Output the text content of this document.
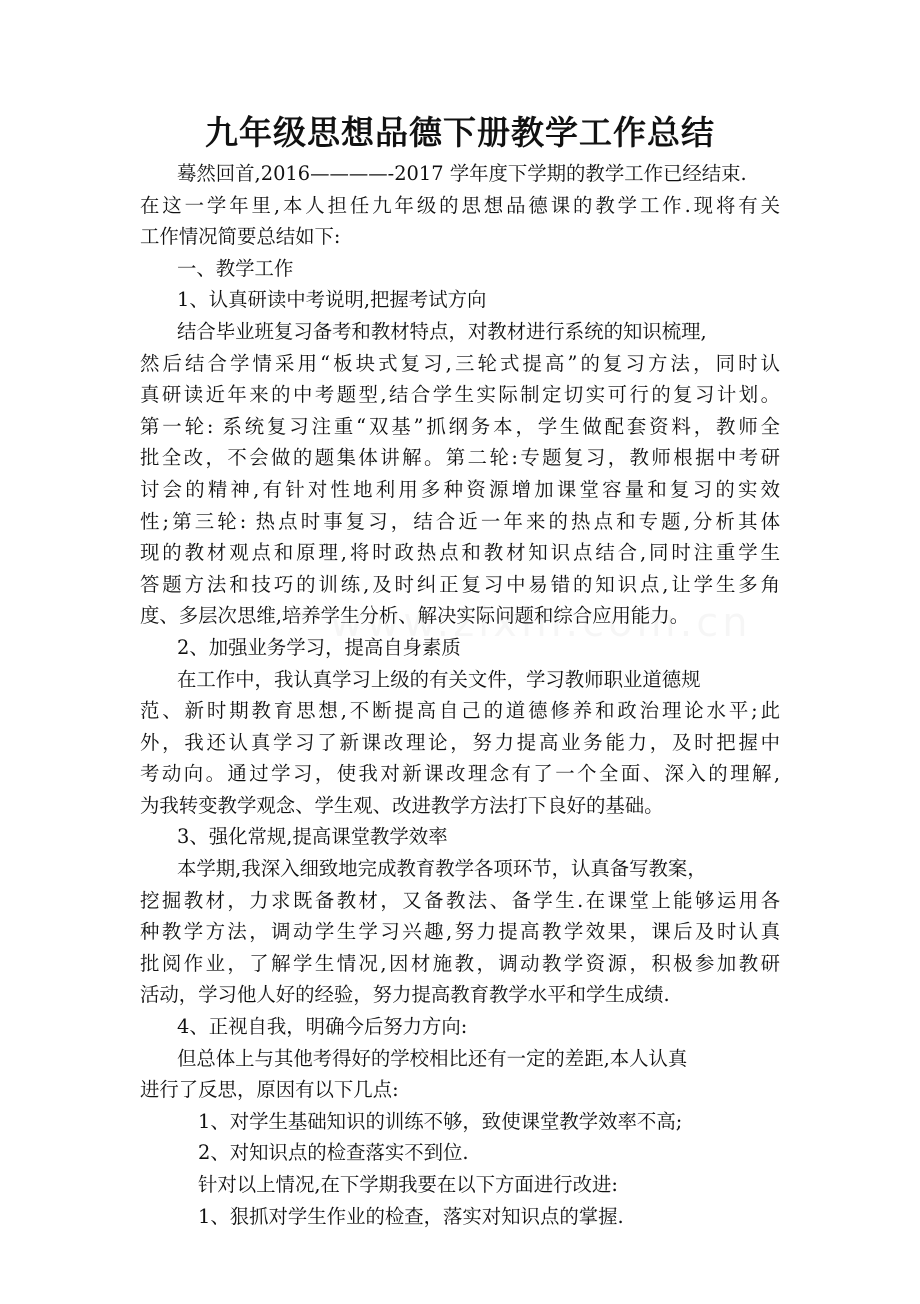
九年级思想品德下册教学工作总结

蓦然回首,2016————-2017 学年度下学期的教学工作已经结束.

在这一学年里,本人担任九年级的思想品德课的教学工作.现将有关

工作情况简要总结如下:

一、教学工作

1、认真研读中考说明,把握考试方向

结合毕业班复习备考和教材特点，对教材进行系统的知识梳理,

然后结合学情采用“板块式复习,三轮式提高”的复习方法，同时认

真研读近年来的中考题型,结合学生实际制定切实可行的复习计划。

第一轮: 系统复习注重“双基”抓纲务本，学生做配套资料，教师全

批全改，不会做的题集体讲解。第二轮:专题复习，教师根据中考研

讨会的精神,有针对性地利用多种资源增加课堂容量和复习的实效

性;第三轮: 热点时事复习，结合近一年来的热点和专题,分析其体

现的教材观点和原理,将时政热点和教材知识点结合,同时注重学生

答题方法和技巧的训练,及时纠正复习中易错的知识点,让学生多角

度、多层次思维,培养学生分析、解决实际问题和综合应用能力。

2、加强业务学习，提高自身素质

在工作中，我认真学习上级的有关文件，学习教师职业道德规

范、新时期教育思想,不断提高自己的道德修养和政治理论水平;此

外，我还认真学习了新课改理论，努力提高业务能力，及时把握中

考动向。通过学习，使我对新课改理念有了一个全面、深入的理解,

为我转变教学观念、学生观、改进教学方法打下良好的基础。

3、强化常规,提高课堂教学效率

本学期,我深入细致地完成教育教学各项环节，认真备写教案，

挖掘教材，力求既备教材，又备教法、备学生.在课堂上能够运用各

种教学方法，调动学生学习兴趣,努力提高教学效果，课后及时认真

批阅作业，了解学生情况,因材施教，调动教学资源，积极参加教研

活动，学习他人好的经验，努力提高教育教学水平和学生成绩.

4、正视自我，明确今后努力方向:

但总体上与其他考得好的学校相比还有一定的差距,本人认真

进行了反思，原因有以下几点:

1、对学生基础知识的训练不够，致使课堂教学效率不高;

2、对知识点的检查落实不到位.

针对以上情况,在下学期我要在以下方面进行改进:

1、狠抓对学生作业的检查，落实对知识点的掌握.
